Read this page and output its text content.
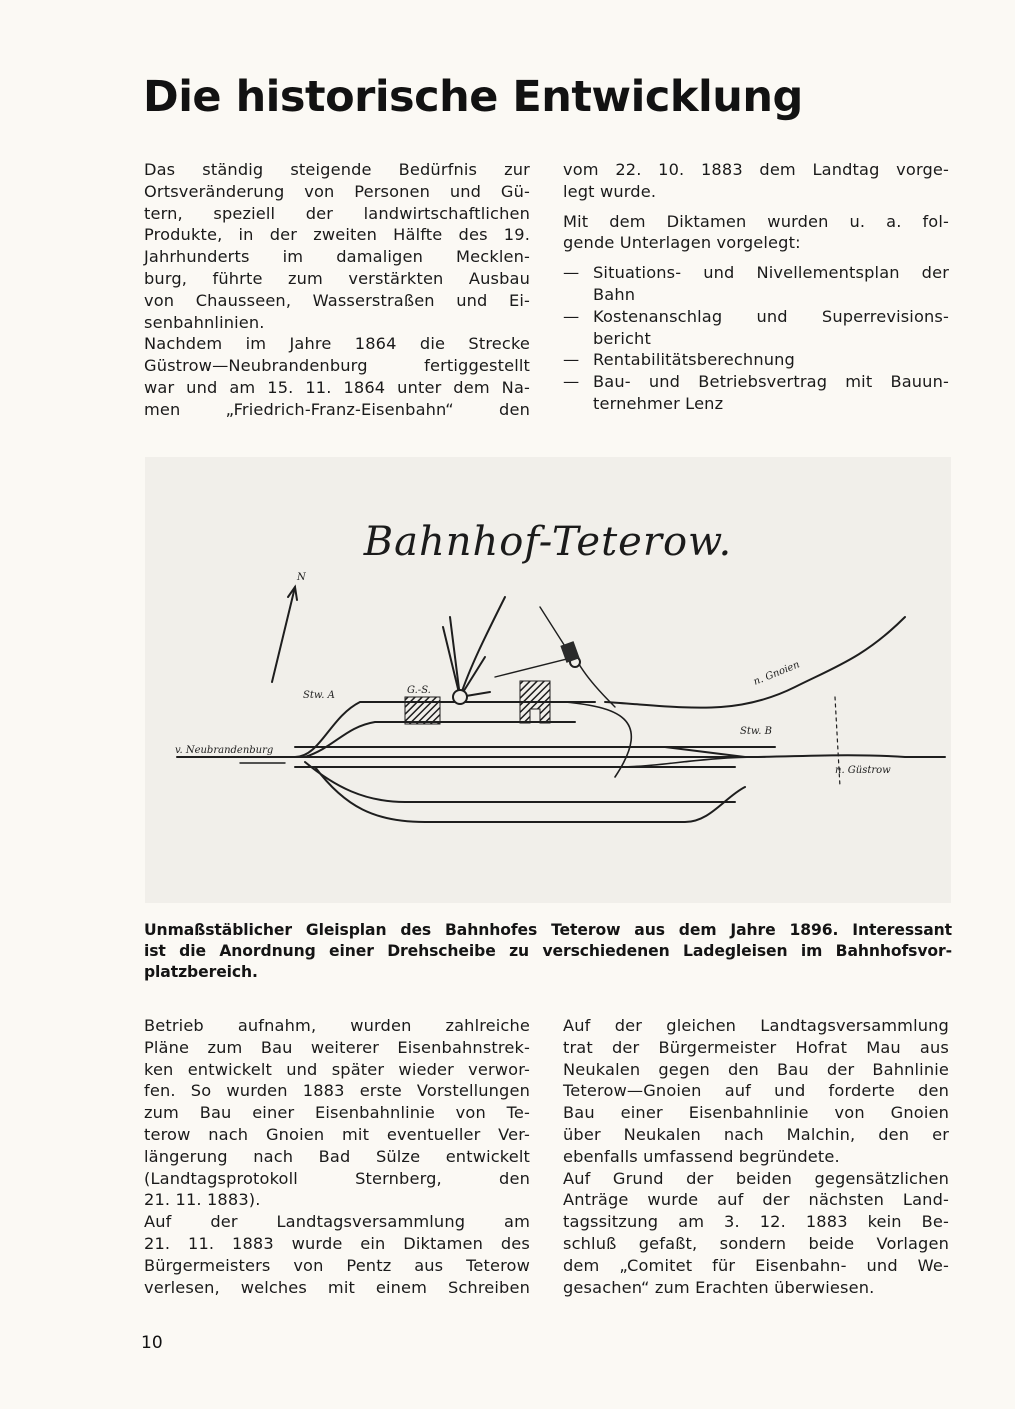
Die historische Entwicklung
Das ständig steigende Bedürfnis zur
Ortsveränderung von Personen und Gü-
tern, speziell der landwirtschaftlichen
Produkte, in der zweiten Hälfte des 19.
Jahrhunderts im damaligen Mecklen-
burg, führte zum verstärkten Ausbau
von Chausseen, Wasserstraßen und Ei-
senbahnlinien.
Nachdem im Jahre 1864 die Strecke
Güstrow—Neubrandenburg fertiggestellt
war und am 15. 11. 1864 unter dem Na-
men „Friedrich-Franz-Eisenbahn“ den
vom 22. 10. 1883 dem Landtag vorge-
legt wurde.
Mit dem Diktamen wurden u. a. fol-
gende Unterlagen vorgelegt:
— Situations- und Nivellementsplan der
Bahn
— Kostenanschlag und Superrevisions-
bericht
— Rentabilitätsberechnung
— Bau- und Betriebsvertrag mit Bauun-
ternehmer Lenz
N
v. Neubrandenburg
n. Güstrow
n. Gnoien
Stw. A
Stw. B
G.-S.
Bahnhof-Teterow.
Unmaßstäblicher Gleisplan des Bahnhofes Teterow aus dem Jahre 1896. Interessant
ist die Anordnung einer Drehscheibe zu verschiedenen Ladegleisen im Bahnhofsvor-
platzbereich.
Betrieb aufnahm, wurden zahlreiche
Pläne zum Bau weiterer Eisenbahnstrek-
ken entwickelt und später wieder verwor-
fen. So wurden 1883 erste Vorstellungen
zum Bau einer Eisenbahnlinie von Te-
terow nach Gnoien mit eventueller Ver-
längerung nach Bad Sülze entwickelt
(Landtagsprotokoll Sternberg, den
21. 11. 1883).
Auf der Landtagsversammlung am
21. 11. 1883 wurde ein Diktamen des
Bürgermeisters von Pentz aus Teterow
verlesen, welches mit einem Schreiben
Auf der gleichen Landtagsversammlung
trat der Bürgermeister Hofrat Mau aus
Neukalen gegen den Bau der Bahnlinie
Teterow—Gnoien auf und forderte den
Bau einer Eisenbahnlinie von Gnoien
über Neukalen nach Malchin, den er
ebenfalls umfassend begründete.
Auf Grund der beiden gegensätzlichen
Anträge wurde auf der nächsten Land-
tagssitzung am 3. 12. 1883 kein Be-
schluß gefaßt, sondern beide Vorlagen
dem „Comitet für Eisenbahn- und We-
gesachen“ zum Erachten überwiesen.
10
